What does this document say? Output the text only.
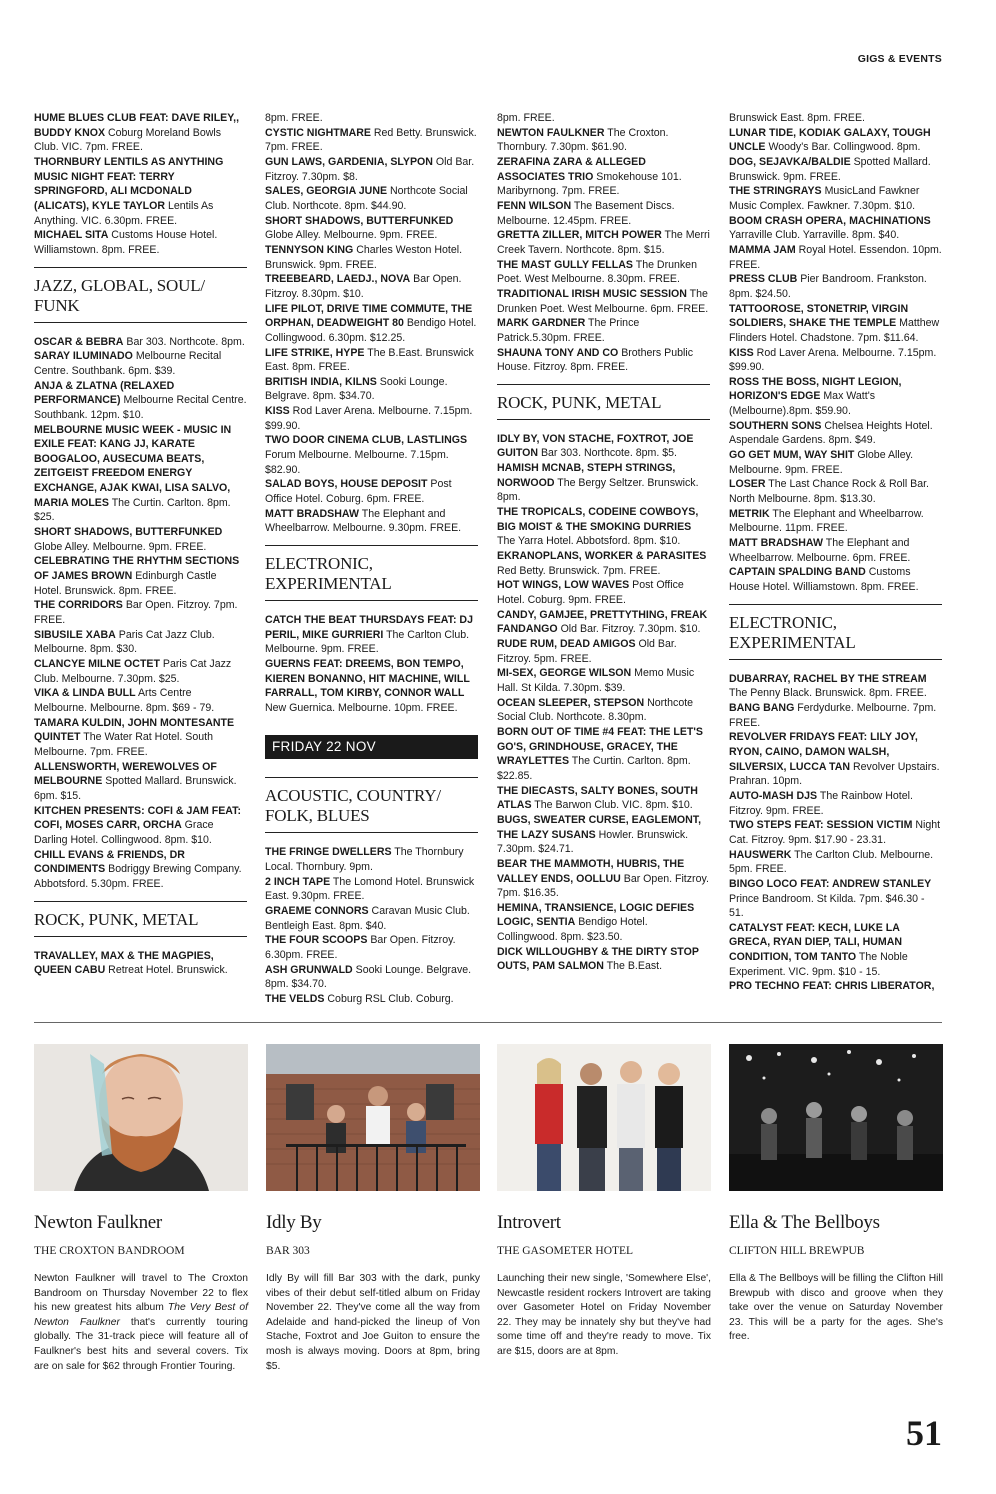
GIGS & EVENTS

HUME BLUES CLUB FEAT: DAVE RILEY,, BUDDY KNOX Coburg Moreland Bowls Club. VIC. 7pm. FREE.

THORNBURY LENTILS AS ANYTHING MUSIC NIGHT FEAT: TERRY SPRINGFORD, ALI MCDONALD (ALICATS), KYLE TAYLOR Lentils As Anything. VIC. 6.30pm. FREE.

MICHAEL SITA Customs House Hotel. Williamstown. 8pm. FREE.

JAZZ, GLOBAL, SOUL/ FUNK

OSCAR & BEBRA Bar 303. Northcote. 8pm.

SARAY ILUMINADO Melbourne Recital Centre. Southbank. 6pm. $39.

ANJA & ZLATNA (RELAXED PERFORMANCE) Melbourne Recital Centre. Southbank. 12pm. $10.

MELBOURNE MUSIC WEEK - MUSIC IN EXILE FEAT: KANG JJ, KARATE BOOGALOO, AUSECUMA BEATS, ZEITGEIST FREEDOM ENERGY EXCHANGE, AJAK KWAI, LISA SALVO, MARIA MOLES The Curtin. Carlton. 8pm. $25.

SHORT SHADOWS, BUTTERFUNKED Globe Alley. Melbourne. 9pm. FREE.

CELEBRATING THE RHYTHM SECTIONS OF JAMES BROWN Edinburgh Castle Hotel. Brunswick. 8pm. FREE.

THE CORRIDORS Bar Open. Fitzroy. 7pm. FREE.

SIBUSILE XABA Paris Cat Jazz Club. Melbourne. 8pm. $30.

CLANCYE MILNE OCTET Paris Cat Jazz Club. Melbourne. 7.30pm. $25.

VIKA & LINDA BULL Arts Centre Melbourne. Melbourne. 8pm. $69 - 79.

TAMARA KULDIN, JOHN MONTESANTE QUINTET The Water Rat Hotel. South Melbourne. 7pm. FREE.

ALLENSWORTH, WEREWOLVES OF MELBOURNE Spotted Mallard. Brunswick. 6pm. $15.

KITCHEN PRESENTS: COFI & JAM FEAT: COFI, MOSES CARR, ORCHA Grace Darling Hotel. Collingwood. 8pm. $10.

CHILL EVANS & FRIENDS, DR CONDIMENTS Bodriggy Brewing Company. Abbotsford. 5.30pm. FREE.

ROCK, PUNK, METAL

TRAVALLEY, MAX & THE MAGPIES, QUEEN CABU Retreat Hotel. Brunswick.

8pm. FREE.

CYSTIC NIGHTMARE Red Betty. Brunswick. 7pm. FREE.

GUN LAWS, GARDENIA, SLYPON Old Bar. Fitzroy. 7.30pm. $8.

SALES, GEORGIA JUNE Northcote Social Club. Northcote. 8pm. $44.90.

SHORT SHADOWS, BUTTERFUNKED Globe Alley. Melbourne. 9pm. FREE.

TENNYSON KING Charles Weston Hotel. Brunswick. 9pm. FREE.

TREEBEARD, LAEDJ., NOVA Bar Open. Fitzroy. 8.30pm. $10.

LIFE PILOT, DRIVE TIME COMMUTE, THE ORPHAN, DEADWEIGHT 80 Bendigo Hotel. Collingwood. 6.30pm. $12.25.

LIFE STRIKE, HYPE The B.East. Brunswick East. 8pm. FREE.

BRITISH INDIA, KILNS Sooki Lounge. Belgrave. 8pm. $34.70.

KISS Rod Laver Arena. Melbourne. 7.15pm. $99.90.

TWO DOOR CINEMA CLUB, LASTLINGS Forum Melbourne. Melbourne. 7.15pm. $82.90.

SALAD BOYS, HOUSE DEPOSIT Post Office Hotel. Coburg. 6pm. FREE.

MATT BRADSHAW The Elephant and Wheelbarrow. Melbourne. 9.30pm. FREE.

ELECTRONIC, EXPERIMENTAL

CATCH THE BEAT THURSDAYS FEAT: DJ PERIL, MIKE GURRIERI The Carlton Club. Melbourne. 9pm. FREE.

GUERNS FEAT: DREEMS, BON TEMPO, KIEREN BONANNO, HIT MACHINE, WILL FARRALL, TOM KIRBY, CONNOR WALL New Guernica. Melbourne. 10pm. FREE.

FRIDAY 22 NOV
ACOUSTIC, COUNTRY/ FOLK, BLUES

THE FRINGE DWELLERS The Thornbury Local. Thornbury. 9pm.

2 INCH TAPE The Lomond Hotel. Brunswick East. 9.30pm. FREE.

GRAEME CONNORS Caravan Music Club. Bentleigh East. 8pm. $40.

THE FOUR SCOOPS Bar Open. Fitzroy. 6.30pm. FREE.

ASH GRUNWALD Sooki Lounge. Belgrave. 8pm. $34.70.

THE VELDS Coburg RSL Club. Coburg.

8pm. FREE.

NEWTON FAULKNER The Croxton. Thornbury. 7.30pm. $61.90.

ZERAFINA ZARA & ALLEGED ASSOCIATES TRIO Smokehouse 101. Maribyrnong. 7pm. FREE.

FENN WILSON The Basement Discs. Melbourne. 12.45pm. FREE.

GRETTA ZILLER, MITCH POWER The Merri Creek Tavern. Northcote. 8pm. $15.

THE MAST GULLY FELLAS The Drunken Poet. West Melbourne. 8.30pm. FREE.

TRADITIONAL IRISH MUSIC SESSION The Drunken Poet. West Melbourne. 6pm. FREE.

MARK GARDNER The Prince Patrick.5.30pm. FREE.

SHAUNA TONY AND CO Brothers Public House. Fitzroy. 8pm. FREE.

ROCK, PUNK, METAL

IDLY BY, VON STACHE, FOXTROT, JOE GUITON Bar 303. Northcote. 8pm. $5.

HAMISH MCNAB, STEPH STRINGS, NORWOOD The Bergy Seltzer. Brunswick. 8pm.

THE TROPICALS, CODEINE COWBOYS, BIG MOIST & THE SMOKING DURRIES The Yarra Hotel. Abbotsford. 8pm. $10.

EKRANOPLANS, WORKER & PARASITES Red Betty. Brunswick. 7pm. FREE.

HOT WINGS, LOW WAVES Post Office Hotel. Coburg. 9pm. FREE.

CANDY, GAMJEE, PRETTYTHING, FREAK FANDANGO Old Bar. Fitzroy. 7.30pm. $10.

RUDE RUM, DEAD AMIGOS Old Bar. Fitzroy. 5pm. FREE.

MI-SEX, GEORGE WILSON Memo Music Hall. St Kilda. 7.30pm. $39.

OCEAN SLEEPER, STEPSON Northcote Social Club. Northcote. 8.30pm.

BORN OUT OF TIME #4 FEAT: THE LET'S GO'S, GRINDHOUSE, GRACEY, THE WRAYLETTES The Curtin. Carlton. 8pm. $22.85.

THE DIECASTS, SALTY BONES, SOUTH ATLAS The Barwon Club. VIC. 8pm. $10.

BUGS, SWEATER CURSE, EAGLEMONT, THE LAZY SUSANS Howler. Brunswick. 7.30pm. $24.71.

BEAR THE MAMMOTH, HUBRIS, THE VALLEY ENDS, OOLLUU Bar Open. Fitzroy. 7pm. $16.35.

HEMINA, TRANSIENCE, LOGIC DEFIES LOGIC, SENTIA Bendigo Hotel. Collingwood. 8pm. $23.50.

DICK WILLOUGHBY & THE DIRTY STOP OUTS, PAM SALMON The B.East.

Brunswick East. 8pm. FREE.

LUNAR TIDE, KODIAK GALAXY, TOUGH UNCLE Woody's Bar. Collingwood. 8pm.

DOG, SEJAVKA/BALDIE Spotted Mallard. Brunswick. 9pm. FREE.

THE STRINGRAYS MusicLand Fawkner Music Complex. Fawkner. 7.30pm. $10.

BOOM CRASH OPERA, MACHINATIONS Yarraville Club. Yarraville. 8pm. $40.

MAMMA JAM Royal Hotel. Essendon. 10pm. FREE.

PRESS CLUB Pier Bandroom. Frankston. 8pm. $24.50.

TATTOOROSE, STONETRIP, VIRGIN SOLDIERS, SHAKE THE TEMPLE Matthew Flinders Hotel. Chadstone. 7pm. $11.64.

KISS Rod Laver Arena. Melbourne. 7.15pm. $99.90.

ROSS THE BOSS, NIGHT LEGION, HORIZON'S EDGE Max Watt's (Melbourne).8pm. $59.90.

SOUTHERN SONS Chelsea Heights Hotel. Aspendale Gardens. 8pm. $49.

GO GET MUM, WAY SHIT Globe Alley. Melbourne. 9pm. FREE.

LOSER The Last Chance Rock & Roll Bar. North Melbourne. 8pm. $13.30.

METRIK The Elephant and Wheelbarrow. Melbourne. 11pm. FREE.

MATT BRADSHAW The Elephant and Wheelbarrow. Melbourne. 6pm. FREE.

CAPTAIN SPALDING BAND Customs House Hotel. Williamstown. 8pm. FREE.

ELECTRONIC, EXPERIMENTAL

DUBARRAY, RACHEL BY THE STREAM The Penny Black. Brunswick. 8pm. FREE.

BANG BANG Ferdydurke. Melbourne. 7pm. FREE.

REVOLVER FRIDAYS FEAT: LILY JOY, RYON, CAINO, DAMON WALSH, SILVERSIX, LUCCA TAN Revolver Upstairs. Prahran. 10pm.

AUTO-MASH DJS The Rainbow Hotel. Fitzroy. 9pm. FREE.

TWO STEPS FEAT: SESSION VICTIM Night Cat. Fitzroy. 9pm. $17.90 - 23.31.

HAUSWERK The Carlton Club. Melbourne. 5pm. FREE.

BINGO LOCO FEAT: ANDREW STANLEY Prince Bandroom. St Kilda. 7pm. $46.30 - 51.

CATALYST FEAT: KECH, LUKE LA GRECA, RYAN DIEP, TALI, HUMAN CONDITION, TOM TANTO The Noble Experiment. VIC. 9pm. $10 - 15.

PRO TECHNO FEAT: CHRIS LIBERATOR,

Newton Faulkner
THE CROXTON BANDROOM
Newton Faulkner will travel to The Croxton Bandroom on Thursday November 22 to flex his new greatest hits album The Very Best of Newton Faulkner that's currently touring globally. The 31-track piece will feature all of Faulkner's best hits and several covers. Tix are on sale for $62 through Frontier Touring.
Idly By
BAR 303
Idly By will fill Bar 303 with the dark, punky vibes of their debut self-titled album on Friday November 22. They've come all the way from Adelaide and hand-picked the lineup of Von Stache, Foxtrot and Joe Guiton to ensure the mosh is always moving. Doors at 8pm, bring $5.
Introvert
THE GASOMETER HOTEL
Launching their new single, 'Somewhere Else', Newcastle resident rockers Introvert are taking over Gasometer Hotel on Friday November 22. They may be innately shy but they've had some time off and they're ready to move. Tix are $15, doors are at 8pm.
Ella & The Bellboys
CLIFTON HILL BREWPUB
Ella & The Bellboys will be filling the Clifton Hill Brewpub with disco and groove when they take over the venue on Saturday November 23. This will be a party for the ages. She's free.
51
